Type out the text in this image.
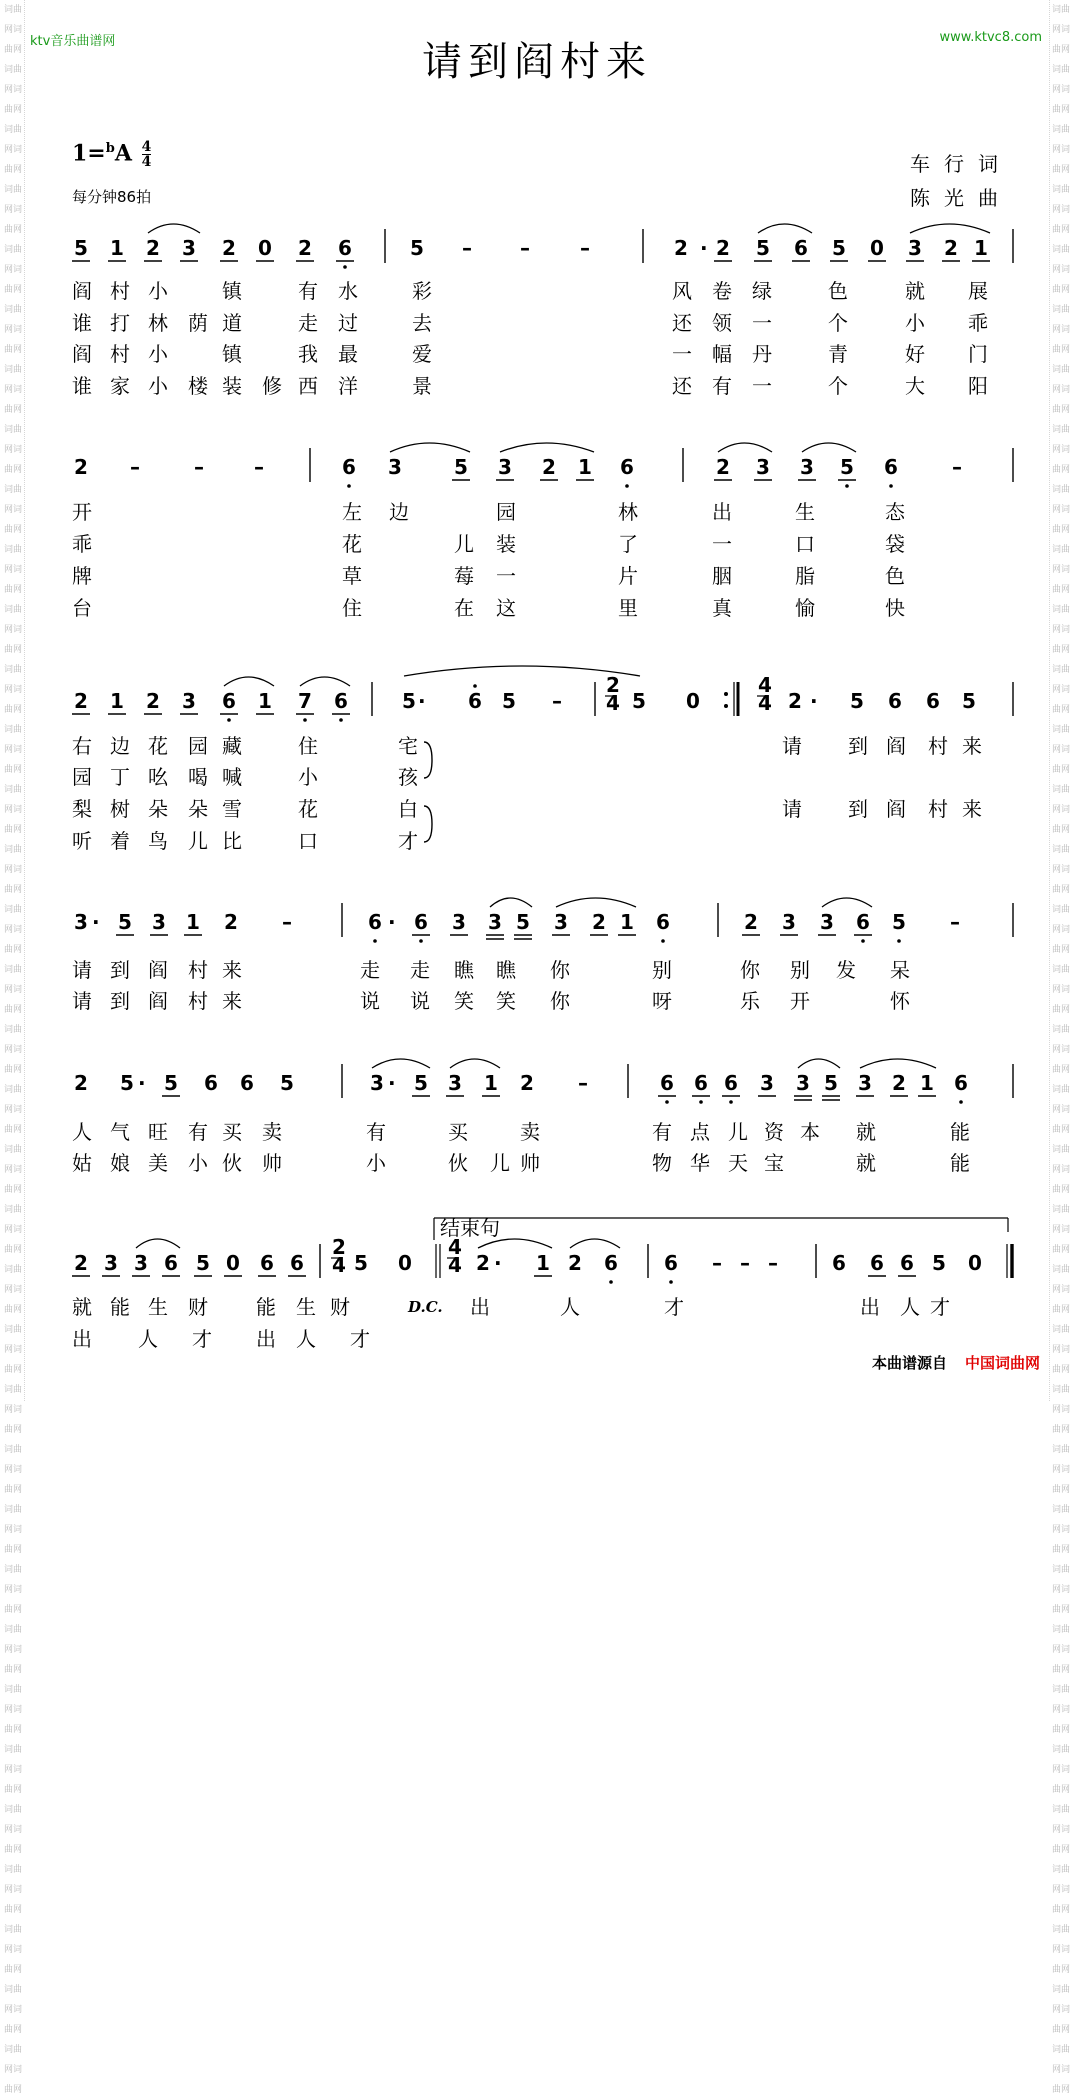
词曲网词曲网词曲网词曲网词曲网词曲网词曲网词曲网词曲网词曲网词曲网词曲网词曲网词曲网词曲网词曲网词曲网词曲网词曲网词曲网词曲网词曲网词曲网词曲网词曲网词曲网词曲网词曲网词曲网词曲网词曲网词曲网词曲网词曲网词曲网词曲网词曲网词曲网词曲网词曲网词曲网词曲网词曲网词曲网词曲网词曲网词曲网词曲网词曲网词曲网词曲网词曲网词曲网词曲网词曲网词曲网词曲网词曲网词曲网词曲网词曲网词曲网词曲网词曲网词曲网词曲网词曲网词曲网词曲网词曲网
词曲网词曲网词曲网词曲网词曲网词曲网词曲网词曲网词曲网词曲网词曲网词曲网词曲网词曲网词曲网词曲网词曲网词曲网词曲网词曲网词曲网词曲网词曲网词曲网词曲网词曲网词曲网词曲网词曲网词曲网词曲网词曲网词曲网词曲网词曲网词曲网词曲网词曲网词曲网词曲网词曲网词曲网词曲网词曲网词曲网词曲网词曲网词曲网词曲网词曲网词曲网词曲网词曲网词曲网词曲网词曲网词曲网词曲网词曲网词曲网词曲网词曲网词曲网词曲网词曲网词曲网词曲网词曲网词曲网词曲网
ktv音乐曲谱网	www.ktvc8.com
请到阎村来
$1=^bA \frac{4}{4}$
每分钟86拍
车行词
陈光曲
5 1 2 3 2 0 2 6	5 – –	–	2 · 2 5 6 5 0 3 2 1
2 –	–	–	6 3	5 3 2 1 6	2 3 3 5 6	–
2 1 2 3 6 1 7 6	5 · 6 5 –	5 0	2 · 5 6 6 5
3 · 5 3 1 2 –	6 · 6 3 3 5 3 2 1 6	2 3 3 6 5 –
2 5 · 5 6 6 5	3 · 5 3 1 2 –	6 6 6 3 3 5 3 2 1 6
2 3 3 6 5 0 6 6	5 0	2 · 1 2 6 6 – – –	6 6 6 5 0
2
4
4
4
2
4
4
4
D.C.
结束句
阎 村 小	镇	有 水	彩
谁 打 林 荫 道	走 过	去
阎 村 小	镇	我 最	爱
谁 家 小 楼 装 修 西 洋	景
风 卷 绿	色	就 展
还 领 一	个	小 乖
一 幅 丹	青	好 门
还 有 一	个	大 阳
开	左 边	园	林	出	生	态
乖	花	儿 装	了	一	口	袋
牌	草	莓 一	片	胭	脂	色
台	住	在 这	里	真	愉	快
右 边 花 园 藏	住	宅	请 到 阎 村 来
园 丁 吆 喝 喊	小	孩
梨 树 朵 朵 雪	花	白	请 到 阎 村 来
听 着 鸟 儿 比	口	才
请 到 阎 村 来	走 走 瞧 瞧 你	别	你 别 发 呆
请 到 阎 村 来	说 说 笑 笑 你	呀	乐 开	怀
人 气 旺 有 买 卖	有	买	卖	有 点 儿 资 本 就	能
姑 娘 美 小 伙 帅	小	伙 儿 帅	物 华 天 宝	就	能
就 能 生 财 能 生 财	出	人	才	出 人 才
出 人 才 出 人 才
本曲谱源自 中国词曲网
